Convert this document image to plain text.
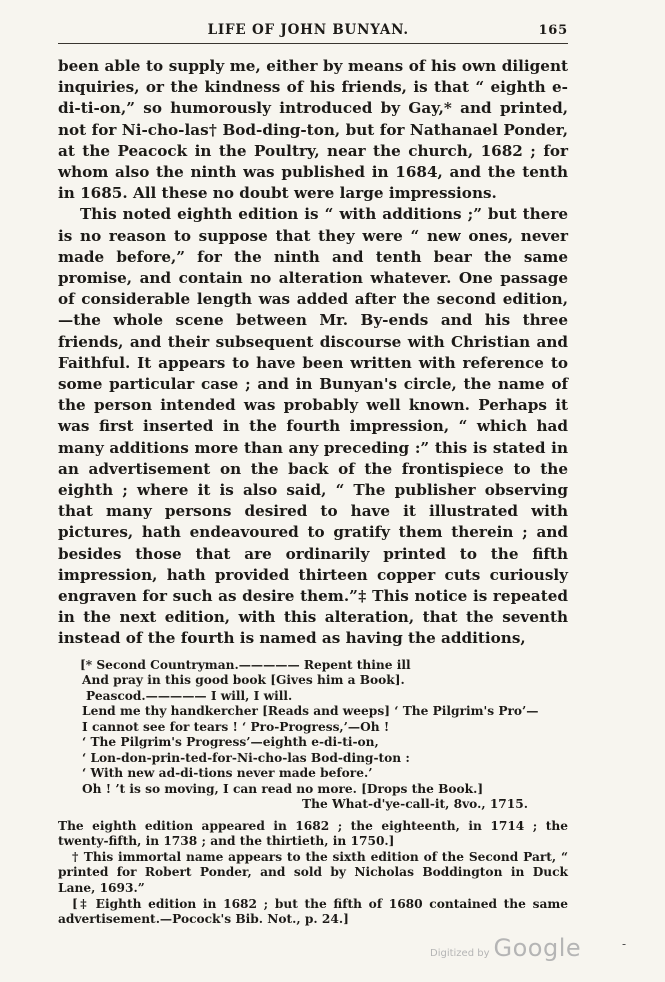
LIFE OF JOHN BUNYAN.	165

been able to supply me, either by means of his own diligent inquiries, or the kindness of his friends, is that “ eighth e-di-ti-on,” so humorously introduced by Gay,* and printed, not for Ni-cho-las† Bod-ding-ton, but for Nathanael Ponder, at the Peacock in the Poultry, near the church, 1682 ; for whom also the ninth was published in 1684, and the tenth in 1685. All these no doubt were large impressions.

This noted eighth edition is “ with additions ;” but there is no reason to suppose that they were “ new ones, never made before,” for the ninth and tenth bear the same promise, and contain no alteration whatever. One passage of considerable length was added after the second edition,—the whole scene between Mr. By-ends and his three friends, and their subsequent discourse with Christian and Faithful. It appears to have been written with reference to some particular case ; and in Bunyan's circle, the name of the person intended was probably well known. Perhaps it was first inserted in the fourth impression, “ which had many additions more than any preceding :” this is stated in an advertisement on the back of the frontispiece to the eighth ; where it is also said, “ The publisher observing that many persons desired to have it illustrated with pictures, hath endeavoured to gratify them therein ; and besides those that are ordinarily printed to the fifth impression, hath provided thirteen copper cuts curiously engraven for such as desire them.”‡ This notice is repeated in the next edition, with this alteration, that the seventh instead of the fourth is named as having the additions,

[* Second Countryman.————— Repent thine ill
And pray in this good book [Gives him a Book].
Peascod.————— I will, I will.
Lend me thy handkercher [Reads and weeps] ‘ The Pilgrim's Pro’—
I cannot see for tears ! ‘ Pro-Progress,’—Oh !
‘ The Pilgrim's Progress’—eighth e-di-ti-on,
‘ Lon-don-prin-ted-for-Ni-cho-las Bod-ding-ton :
‘ With new ad-di-tions never made before.’
Oh ! ’t is so moving, I can read no more. [Drops the Book.]
The What-d'ye-call-it, 8vo., 1715.

The eighth edition appeared in 1682 ; the eighteenth, in 1714 ; the twenty-fifth, in 1738 ; and the thirtieth, in 1750.]

† This immortal name appears to the sixth edition of the Second Part, “ printed for Robert Ponder, and sold by Nicholas Boddington in Duck Lane, 1693.”

[‡ Eighth edition in 1682 ; but the fifth of 1680 contained the same advertisement.—Pocock's Bib. Not., p. 24.]

Digitized by Google	-
